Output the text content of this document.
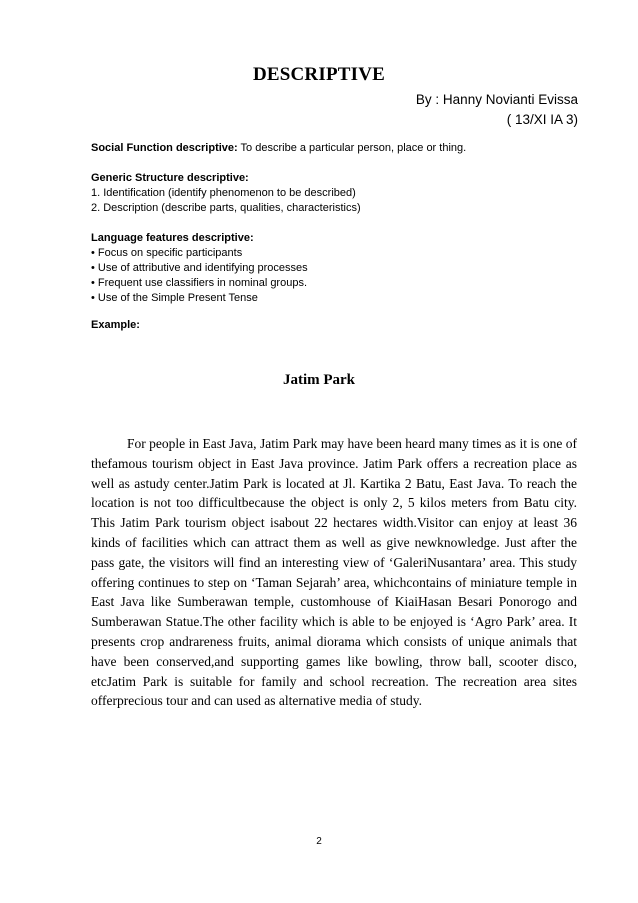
DESCRIPTIVE
By : Hanny Novianti Evissa
( 13/XI IA 3)
Social Function descriptive: To describe a particular person, place or thing.
Generic Structure descriptive:
1. Identification (identify phenomenon to be described)
2. Description (describe parts, qualities, characteristics)
Language features descriptive:
• Focus on specific participants
• Use of attributive and identifying processes
• Frequent use classifiers in nominal groups.
• Use of the Simple Present Tense
Example:
Jatim Park

For people in East Java, Jatim Park may have been heard many times as it is one of thefamous tourism object in East Java province. Jatim Park offers a recreation place as well as astudy center.Jatim Park is located at Jl. Kartika 2 Batu, East Java. To reach the location is not too difficultbecause the object is only 2, 5 kilos meters from Batu city. This Jatim Park tourism object isabout 22 hectares width.Visitor can enjoy at least 36 kinds of facilities which can attract them as well as give newknowledge. Just after the pass gate, the visitors will find an interesting view of ‘GaleriNusantara’ area. This study offering continues to step on ‘Taman Sejarah’ area, whichcontains of miniature temple in East Java like Sumberawan temple, customhouse of KiaiHasan Besari Ponorogo and Sumberawan Statue.The other facility which is able to be enjoyed is ‘Agro Park’ area. It presents crop andrareness fruits, animal diorama which consists of unique animals that have been conserved,and supporting games like bowling, throw ball, scooter disco, etcJatim Park is suitable for family and school recreation. The recreation area sites offerprecious tour and can used as alternative media of study.

2
